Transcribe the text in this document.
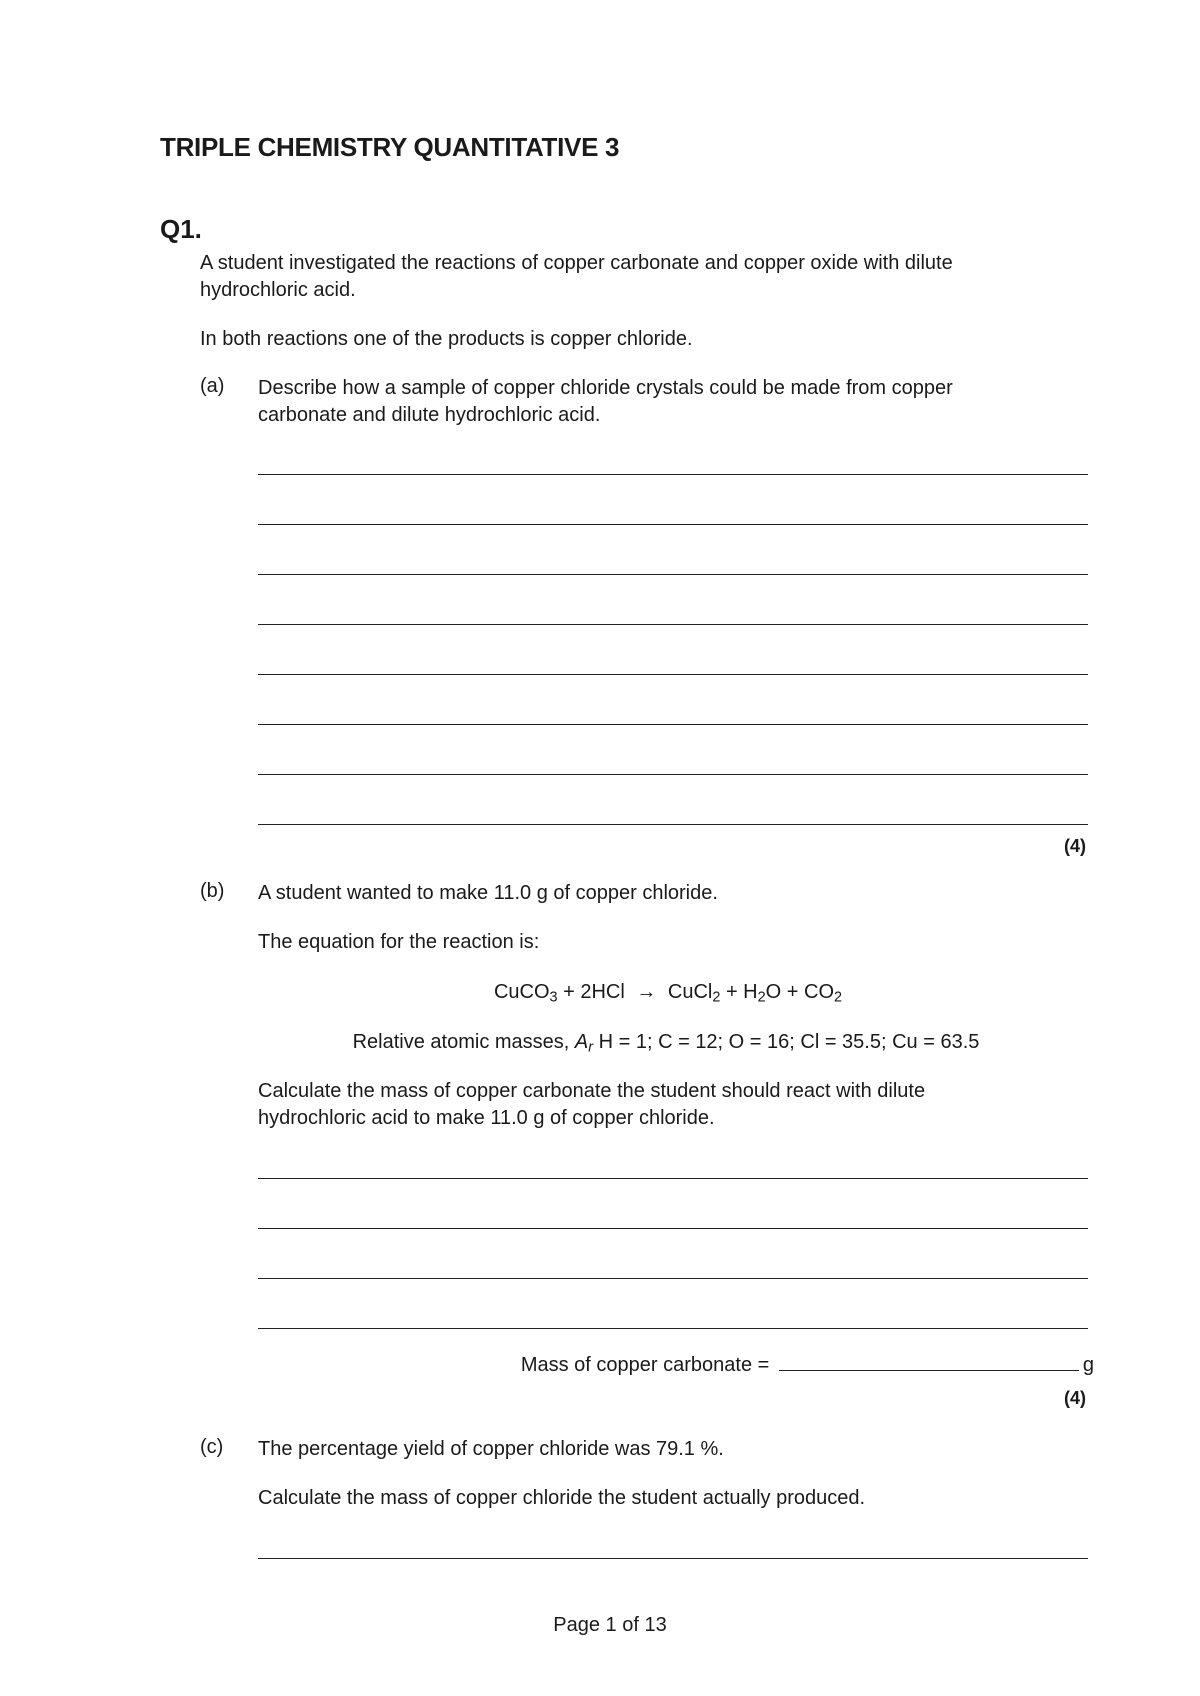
TRIPLE CHEMISTRY QUANTITATIVE 3
Q1.
A student investigated the reactions of copper carbonate and copper oxide with dilute
hydrochloric acid.
In both reactions one of the products is copper chloride.
(a) Describe how a sample of copper chloride crystals could be made from copper
carbonate and dilute hydrochloric acid.
(4)
(b) A student wanted to make 11.0 g of copper chloride.
The equation for the reaction is:
CuCO$_3$ + 2HCl → CuCl$_2$ + $H_2O + CO_2$
Relative atomic masses, $A_r$ H = 1; C = 12; O = 16; Cl = 35.5; Cu = 63.5
Calculate the mass of copper carbonate the student should react with dilute
hydrochloric acid to make 11.0 g of copper chloride.
Mass of copper carbonate =	g
(4)
(c) The percentage yield of copper chloride was 79.1 %.
Calculate the mass of copper chloride the student actually produced.
Page 1 of 13
